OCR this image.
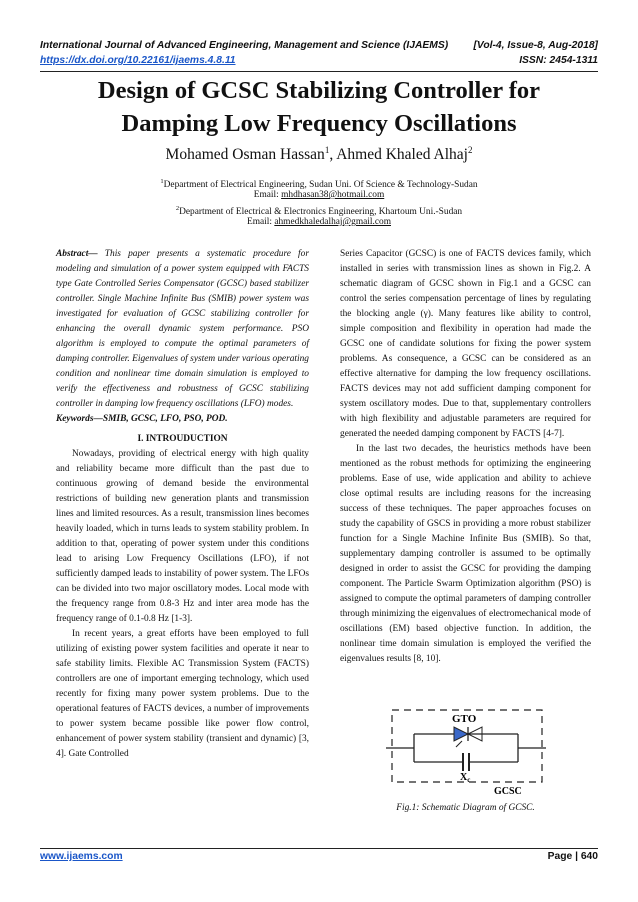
International Journal of Advanced Engineering, Management and Science (IJAEMS) [Vol-4, Issue-8, Aug-2018]
https://dx.doi.org/10.22161/ijaems.4.8.11	ISSN: 2454-1311
Design of GCSC Stabilizing Controller for
Damping Low Frequency Oscillations
Mohamed Osman Hassan$^1$, Ahmed Khaled Alhaj$^2$
$^1$Department of Electrical Engineering, Sudan Uni. Of Science & Technology-Sudan
Email: mhdhasan38@hotmail.com
$^2$Department of Electrical & Electronics Engineering, Khartoum Uni.-Sudan
Email: ahmedkhaledalhaj@gmail.com

Abstract— This paper presents a systematic procedure for modeling and simulation of a power system equipped with FACTS type Gate Controlled Series Compensator (GCSC) based stabilizer controller. Single Machine Infinite Bus (SMIB) power system was investigated for evaluation of GCSC stabilizing controller for enhancing the overall dynamic system performance. PSO algorithm is employed to compute the optimal parameters of damping controller. Eigenvalues of system under various operating condition and nonlinear time domain simulation is employed to verify the effectiveness and robustness of GCSC stabilizing controller in damping low frequency oscillations (LFO) modes.

Keywords—SMIB, GCSC, LFO, PSO, POD.

I. INTROUDUCTION

Nowadays, providing of electrical energy with high quality and reliability became more difficult than the past due to continuous growing of demand beside the environmental restrictions of building new generation plants and transmission lines and limited resources. As a result, transmission lines becomes heavily loaded, which in turns leads to system stability problem. In addition to that, operating of power system under this conditions lead to arising Low Frequency Oscillations (LFO), if not sufficiently damped leads to instability of power system. The LFOs can be divided into two major oscillatory modes. Local mode with the frequency range from 0.8-3 Hz and inter area mode has the frequency range of 0.1-0.8 Hz [1-3].

In recent years, a great efforts have been employed to full utilizing of existing power system facilities and operate it near to safe stability limits. Flexible AC Transmission System (FACTS) controllers are one of important emerging technology, which used recently for fixing many power system problems. Due to the operational features of FACTS devices, a number of improvements to power system became possible like power flow control, enhancement of power system stability (transient and dynamic) [3, 4]. Gate Controlled

Series Capacitor (GCSC) is one of FACTS devices family, which installed in series with transmission lines as shown in Fig.2. A schematic diagram of GCSC shown in Fig.1 and a GCSC can control the series compensation percentage of lines by regulating the blocking angle (γ). Many features like ability to control, simple composition and flexibility in operation had made the GCSC one of candidate solutions for fixing the power system problems. As consequence, a GCSC can be considered as an effective alternative for damping the low frequency oscillations. FACTS devices may not add sufficient damping component for system oscillatory modes. Due to that, supplementary controllers with high flexibility and adjustable parameters are required for generated the needed damping component by FACTS [4-7].

In the last two decades, the heuristics methods have been mentioned as the robust methods for optimizing the engineering problems. Ease of use, wide application and ability to achieve close optimal results are including reasons for the increasing success of these techniques. The paper approaches focuses on study the capability of GSCS in providing a more robust stabilizer function for a Single Machine Infinite Bus (SMIB). So that, supplementary damping controller is assumed to be optimally designed in order to assist the GCSC for providing the damping component. The Particle Swarm Optimization algorithm (PSO) is assigned to compute the optimal parameters of damping controller through minimizing the eigenvalues of electromechanical mode of oscillations (EM) based objective function. In addition, the nonlinear time domain simulation is employed the verified the eigenvalues results [8, 10].

GTO
$X_c$
GCSC
Fig.1: Schematic Diagram of GCSC.
www.ijaems.com	Page | 640
